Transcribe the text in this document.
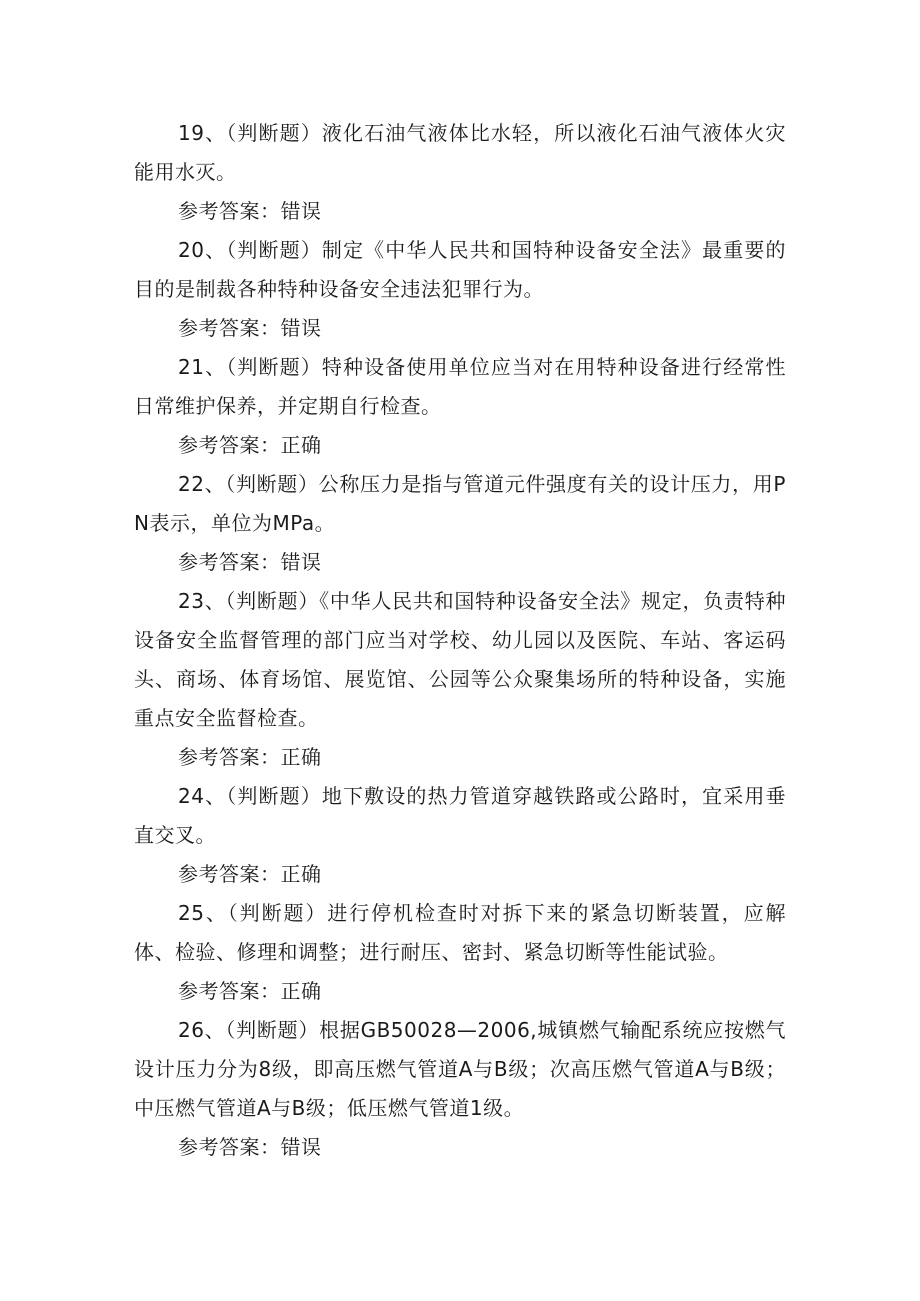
19、（判断题）液化石油气液体比水轻，所以液化石油气液体火灾能用水灭。

参考答案：错误

20、（判断题）制定《中华人民共和国特种设备安全法》最重要的目的是制裁各种特种设备安全违法犯罪行为。

参考答案：错误

21、（判断题）特种设备使用单位应当对在用特种设备进行经常性日常维护保养，并定期自行检查。

参考答案：正确

22、（判断题）公称压力是指与管道元件强度有关的设计压力，用PN表示，单位为MPa。

参考答案：错误

23、（判断题）《中华人民共和国特种设备安全法》规定，负责特种设备安全监督管理的部门应当对学校、幼儿园以及医院、车站、客运码头、商场、体育场馆、展览馆、公园等公众聚集场所的特种设备，实施重点安全监督检查。

参考答案：正确

24、（判断题）地下敷设的热力管道穿越铁路或公路时，宜采用垂直交叉。

参考答案：正确

25、（判断题）进行停机检查时对拆下来的紧急切断装置，应解体、检验、修理和调整；进行耐压、密封、紧急切断等性能试验。

参考答案：正确

26、（判断题）根据GB50028—2006,城镇燃气输配系统应按燃气设计压力分为8级，即高压燃气管道A与B级；次高压燃气管道A与B级；中压燃气管道A与B级；低压燃气管道1级。

参考答案：错误
